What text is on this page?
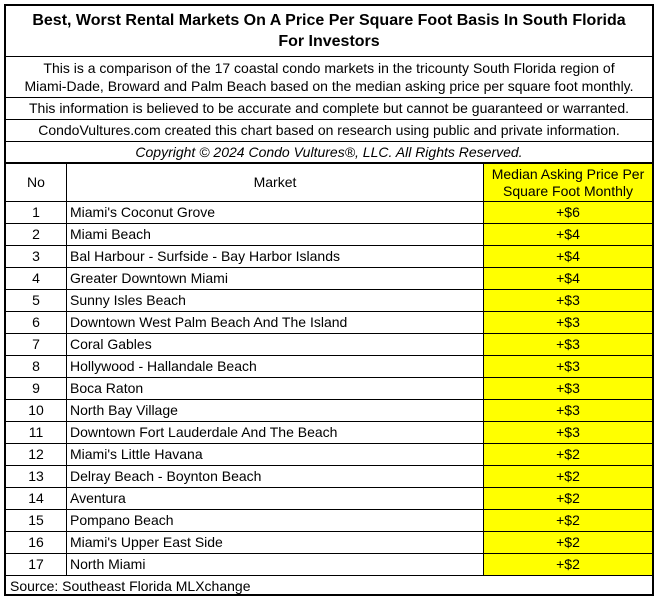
Best, Worst Rental Markets On A Price Per Square Foot Basis In South Florida
For Investors
This is a comparison of the 17 coastal condo markets in the tricounty South Florida region of
Miami-Dade, Broward and Palm Beach based on the median asking price per square foot monthly.
This information is believed to be accurate and complete but cannot be guaranteed or warranted.
CondoVultures.com created this chart based on research using public and private information.
Copyright © 2024 Condo Vultures®, LLC. All Rights Reserved.
No	Market	Median Asking Price Per
Square Foot Monthly

1	Miami's Coconut Grove	+$6
2	Miami Beach	+$4
3	Bal Harbour - Surfside - Bay Harbor Islands	+$4
4	Greater Downtown Miami	+$4
5	Sunny Isles Beach	+$3
6	Downtown West Palm Beach And The Island	+$3
7	Coral Gables	+$3
8	Hollywood - Hallandale Beach	+$3
9	Boca Raton	+$3
10	North Bay Village	+$3
11	Downtown Fort Lauderdale And The Beach	+$3
12	Miami's Little Havana	+$2
13	Delray Beach - Boynton Beach	+$2
14	Aventura	+$2
15	Pompano Beach	+$2
16	Miami's Upper East Side	+$2
17	North Miami	+$2
Source: Southeast Florida MLXchange
